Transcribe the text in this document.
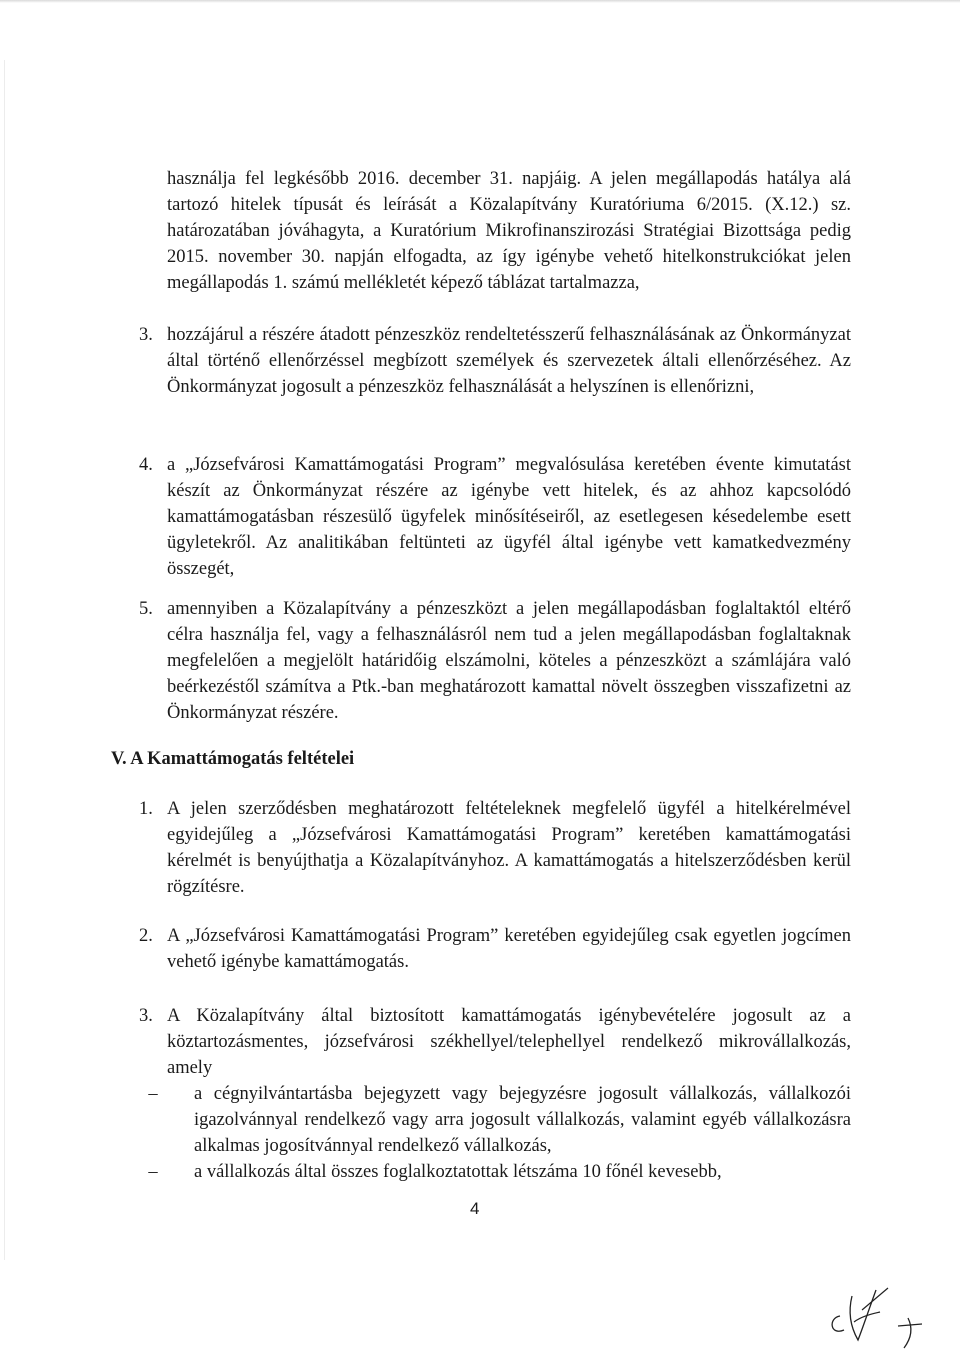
használja fel legkésőbb 2016. december 31. napjáig. A jelen megállapodás hatálya alá tartozó hitelek típusát és leírását a Közalapítvány Kuratóriuma 6/2015. (X.12.) sz. határozatában jóváhagyta, a Kuratórium Mikrofinanszirozási Stratégiai Bizottsága pedig 2015. november 30. napján elfogadta, az így igénybe vehető hitelkonstrukciókat jelen megállapodás 1. számú mellékletét képező táblázat tartalmazza,

3. hozzájárul a részére átadott pénzeszköz rendeltetésszerű felhasználásának az Önkormányzat által történő ellenőrzéssel megbízott személyek és szervezetek általi ellenőrzéséhez. Az Önkormányzat jogosult a pénzeszköz felhasználását a helyszínen is ellenőrizni,
4. a „Józsefvárosi Kamattámogatási Program” megvalósulása keretében évente kimutatást készít az Önkormányzat részére az igénybe vett hitelek, és az ahhoz kapcsolódó kamattámogatásban részesülő ügyfelek minősítéseiről, az esetlegesen késedelembe esett ügyletekről. Az analitikában feltünteti az ügyfél által igénybe vett kamatkedvezmény összegét,
5. amennyiben a Közalapítvány a pénzeszközt a jelen megállapodásban foglaltaktól eltérő célra használja fel, vagy a felhasználásról nem tud a jelen megállapodásban foglaltaknak megfelelően a megjelölt határidőig elszámolni, köteles a pénzeszközt a számlájára való beérkezéstől számítva a Ptk.-ban meghatározott kamattal növelt összegben visszafizetni az Önkormányzat részére.

V. A Kamattámogatás feltételei

1. A jelen szerződésben meghatározott feltételeknek megfelelő ügyfél a hitelkérelmével egyidejűleg a „Józsefvárosi Kamattámogatási Program” keretében kamattámogatási kérelmét is benyújthatja a Közalapítványhoz. A kamattámogatás a hitelszerződésben kerül rögzítésre.
2. A „Józsefvárosi Kamattámogatási Program” keretében egyidejűleg csak egyetlen jogcímen vehető igénybe kamattámogatás.
3. A Közalapítvány által biztosított kamattámogatás igénybevételére jogosult az a köztartozásmentes, józsefvárosi székhellyel/telephellyel rendelkező mikrovállalkozás, amely
–	a cégnyilvántartásba bejegyzett vagy bejegyzésre jogosult vállalkozás, vállalkozói igazolvánnyal rendelkező vagy arra jogosult vállalkozás, valamint egyéb vállalkozásra alkalmas jogosítvánnyal rendelkező vállalkozás,
–	a vállalkozás által összes foglalkoztatottak létszáma 10 főnél kevesebb,
4
